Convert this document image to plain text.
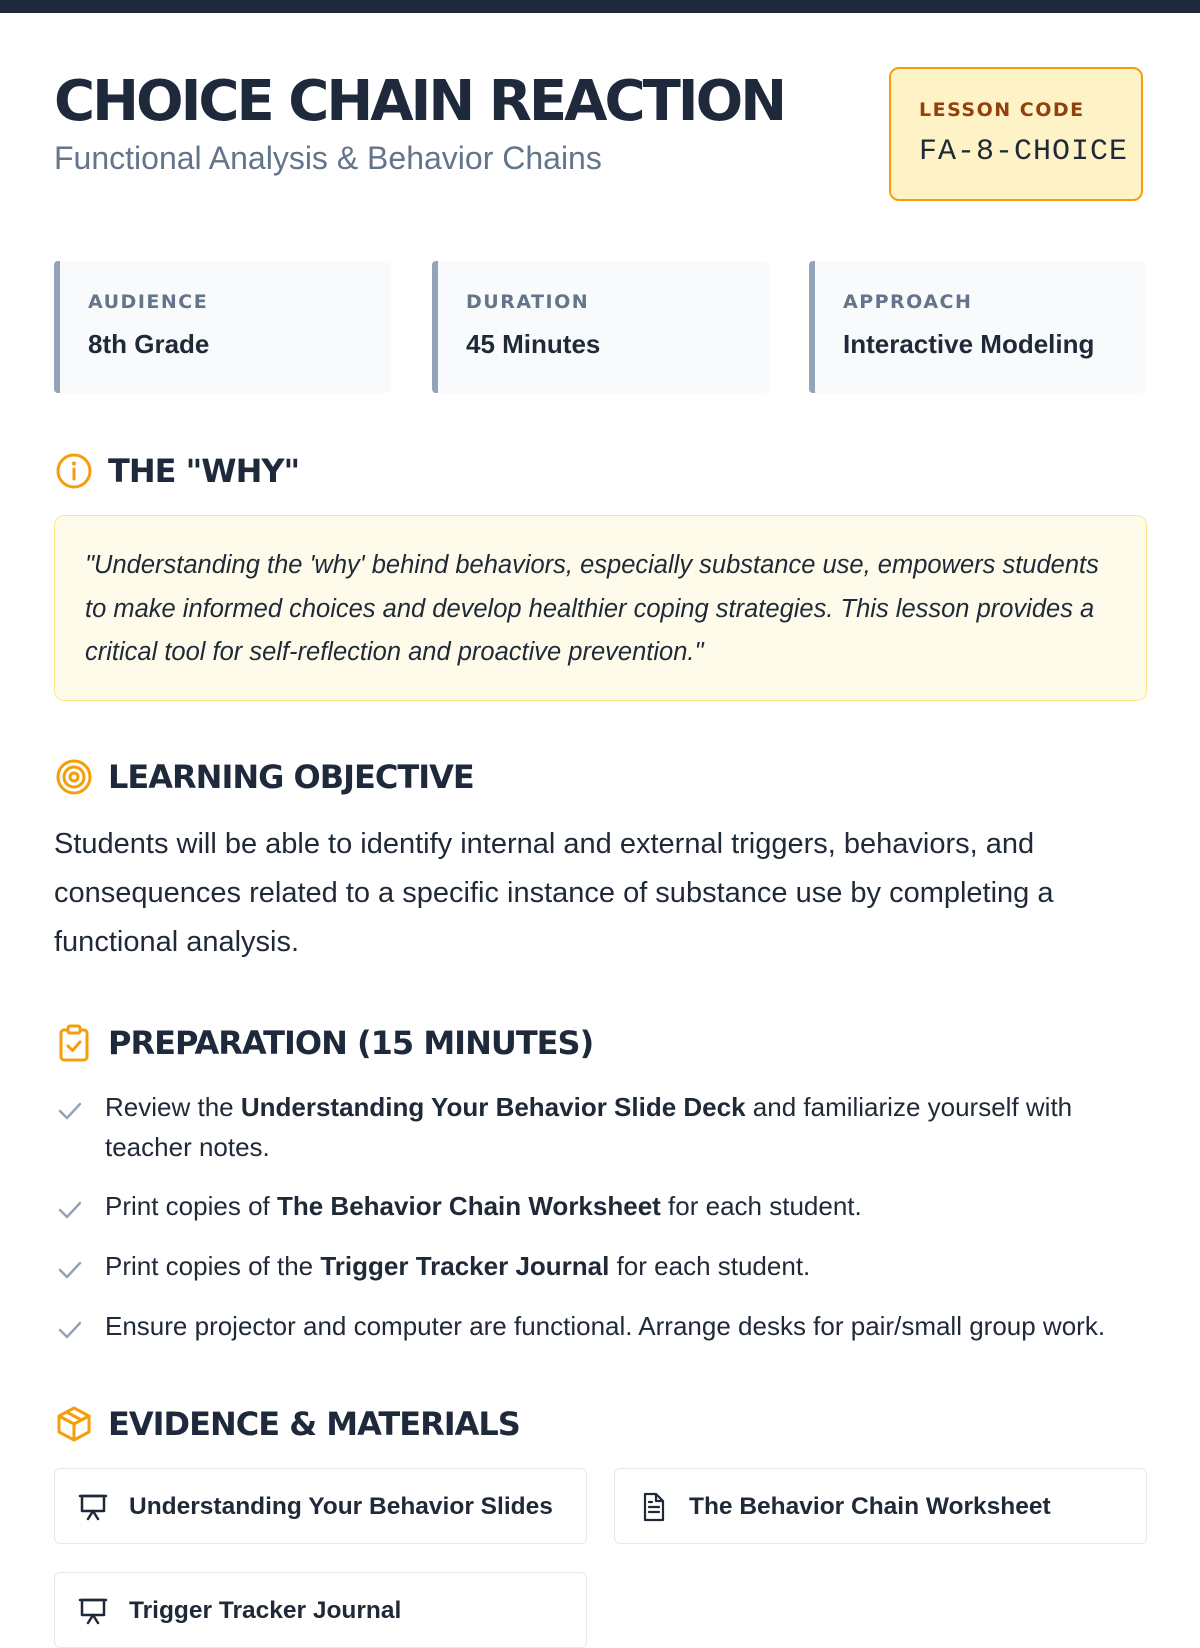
CHOICE CHAIN REACTION

Functional Analysis & Behavior Chains

LESSON CODE
FA-8-CHOICE
AUDIENCE
8th Grade
DURATION
45 Minutes
APPROACH
Interactive Modeling
THE "WHY"

"Understanding the 'why' behind behaviors, especially substance use, empowers students to make informed choices and develop healthier coping strategies. This lesson provides a critical tool for self-reflection and proactive prevention."

LEARNING OBJECTIVE

Students will be able to identify internal and external triggers, behaviors, and consequences related to a specific instance of substance use by completing a functional analysis.

PREPARATION (15 MINUTES)
Review the Understanding Your Behavior Slide Deck and familiarize yourself with teacher notes.
Print copies of The Behavior Chain Worksheet for each student.
Print copies of the Trigger Tracker Journal for each student.
Ensure projector and computer are functional. Arrange desks for pair/small group work.
EVIDENCE & MATERIALS
Understanding Your Behavior Slides	The Behavior Chain Worksheet
Trigger Tracker Journal
